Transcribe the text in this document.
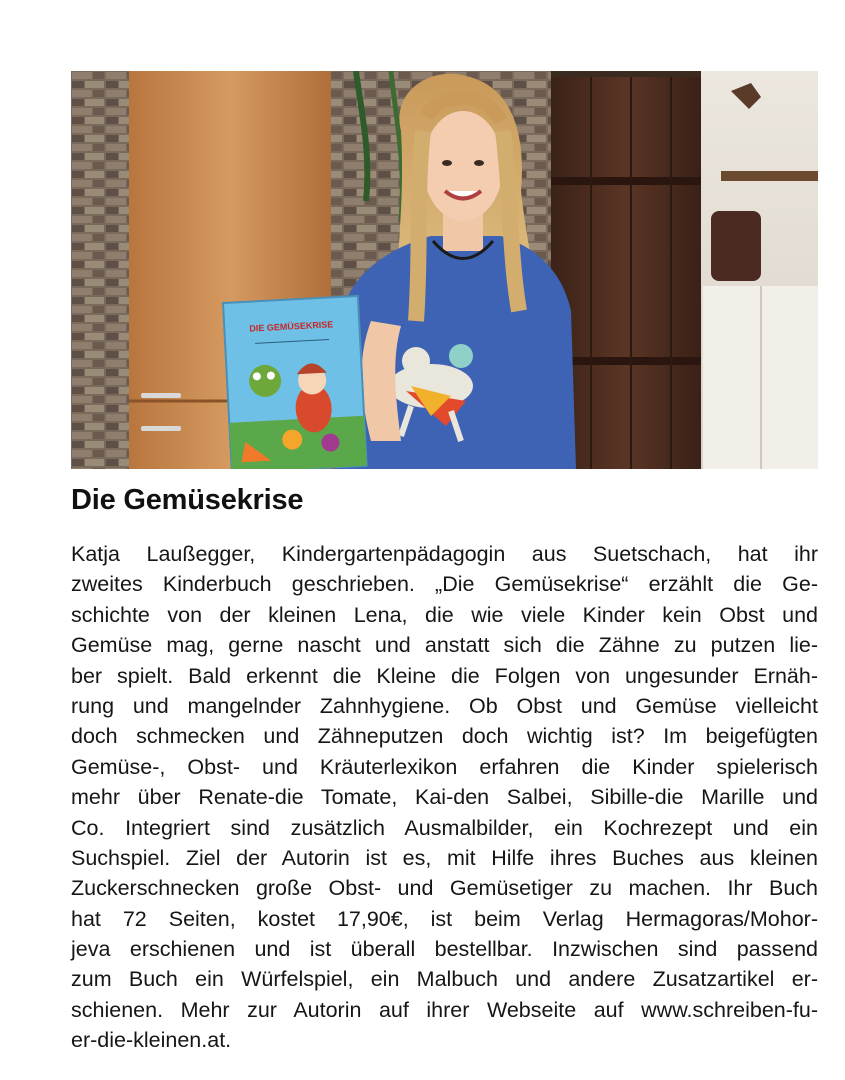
DIE GEMÜSEKRISE
Die Gemüsekrise
Katja Laußegger, Kindergartenpädagogin aus Suetschach, hat ihr
zweites Kinderbuch geschrieben. „Die Gemüsekrise“ erzählt die Ge-
schichte von der kleinen Lena, die wie viele Kinder kein Obst und
Gemüse mag, gerne nascht und anstatt sich die Zähne zu putzen lie-
ber spielt. Bald erkennt die Kleine die Folgen von ungesunder Ernäh-
rung und mangelnder Zahnhygiene. Ob Obst und Gemüse vielleicht
doch schmecken und Zähneputzen doch wichtig ist? Im beigefügten
Gemüse-, Obst- und Kräuterlexikon erfahren die Kinder spielerisch
mehr über Renate-die Tomate, Kai-den Salbei, Sibille-die Marille und
Co. Integriert sind zusätzlich Ausmalbilder, ein Kochrezept und ein
Suchspiel. Ziel der Autorin ist es, mit Hilfe ihres Buches aus kleinen
Zuckerschnecken große Obst- und Gemüsetiger zu machen. Ihr Buch
hat 72 Seiten, kostet 17,90€, ist beim Verlag Hermagoras/Mohor-
jeva erschienen und ist überall bestellbar. Inzwischen sind passend
zum Buch ein Würfelspiel, ein Malbuch und andere Zusatzartikel er-
schienen. Mehr zur Autorin auf ihrer Webseite auf www.schreiben-fu-
er-die-kleinen.at.
